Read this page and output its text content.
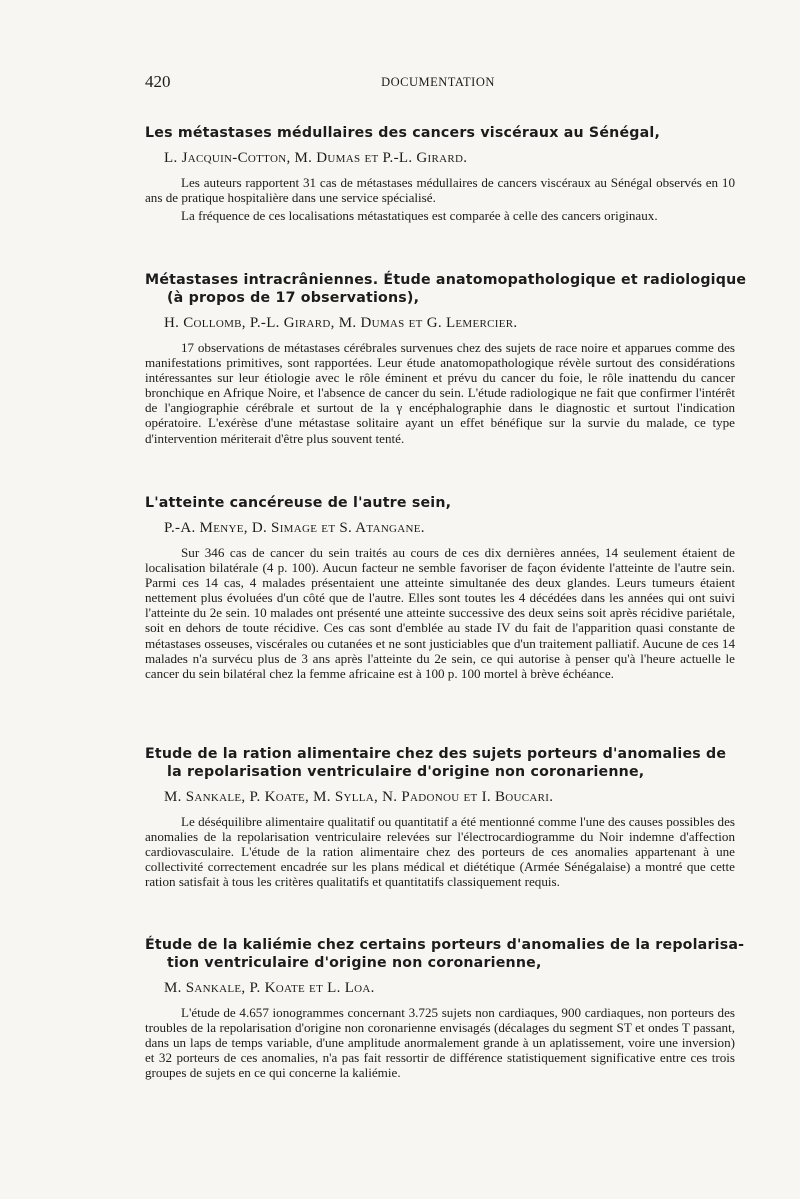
420	DOCUMENTATION
Les métastases médullaires des cancers viscéraux au Sénégal,
L. Jacquin-Cotton, M. Dumas et P.-L. Girard.

Les auteurs rapportent 31 cas de métastases médullaires de cancers viscéraux au Sénégal observés en 10 ans de pratique hospitalière dans une service spécialisé.

La fréquence de ces localisations métastatiques est comparée à celle des cancers originaux.

Métastases intracrâniennes. Étude anatomopathologique et radiologique
(à propos de 17 observations),
H. Collomb, P.-L. Girard, M. Dumas et G. Lemercier.

17 observations de métastases cérébrales survenues chez des sujets de race noire et apparues comme des manifestations primitives, sont rapportées. Leur étude anatomopathologique révèle surtout des considérations intéressantes sur leur étiologie avec le rôle éminent et prévu du cancer du foie, le rôle inattendu du cancer bronchique en Afrique Noire, et l'absence de cancer du sein. L'étude radiologique ne fait que confirmer l'intérêt de l'angiographie cérébrale et surtout de la γ encéphalographie dans le diagnostic et surtout l'indication opératoire. L'exérèse d'une métastase solitaire ayant un effet bénéfique sur la survie du malade, ce type d'intervention mériterait d'être plus souvent tenté.

L'atteinte cancéreuse de l'autre sein,
P.-A. Menye, D. Simage et S. Atangane.

Sur 346 cas de cancer du sein traités au cours de ces dix dernières années, 14 seulement étaient de localisation bilatérale (4 p. 100). Aucun facteur ne semble favoriser de façon évidente l'atteinte de l'autre sein. Parmi ces 14 cas, 4 malades présentaient une atteinte simultanée des deux glandes. Leurs tumeurs étaient nettement plus évoluées d'un côté que de l'autre. Elles sont toutes les 4 décédées dans les années qui ont suivi l'atteinte du 2e sein. 10 malades ont présenté une atteinte successive des deux seins soit après récidive pariétale, soit en dehors de toute récidive. Ces cas sont d'emblée au stade IV du fait de l'apparition quasi constante de métastases osseuses, viscérales ou cutanées et ne sont justiciables que d'un traitement palliatif. Aucune de ces 14 malades n'a survécu plus de 3 ans après l'atteinte du 2e sein, ce qui autorise à penser qu'à l'heure actuelle le cancer du sein bilatéral chez la femme africaine est à 100 p. 100 mortel à brève échéance.

Etude de la ration alimentaire chez des sujets porteurs d'anomalies de
la repolarisation ventriculaire d'origine non coronarienne,
M. Sankale, P. Koate, M. Sylla, N. Padonou et I. Boucari.

Le déséquilibre alimentaire qualitatif ou quantitatif a été mentionné comme l'une des causes possibles des anomalies de la repolarisation ventriculaire relevées sur l'électrocardiogramme du Noir indemne d'affection cardiovasculaire. L'étude de la ration alimentaire chez des porteurs de ces anomalies appartenant à une collectivité correctement encadrée sur les plans médical et diététique (Armée Sénégalaise) a montré que cette ration satisfait à tous les critères qualitatifs et quantitatifs classiquement requis.

Étude de la kaliémie chez certains porteurs d'anomalies de la repolarisa-
tion ventriculaire d'origine non coronarienne,
M. Sankale, P. Koate et L. Loa.

L'étude de 4.657 ionogrammes concernant 3.725 sujets non cardiaques, 900 cardiaques, non porteurs des troubles de la repolarisation d'origine non coronarienne envisagés (décalages du segment ST et ondes T passant, dans un laps de temps variable, d'une amplitude anormalement grande à un aplatissement, voire une inversion) et 32 porteurs de ces anomalies, n'a pas fait ressortir de différence statistiquement significative entre ces trois groupes de sujets en ce qui concerne la kaliémie.
